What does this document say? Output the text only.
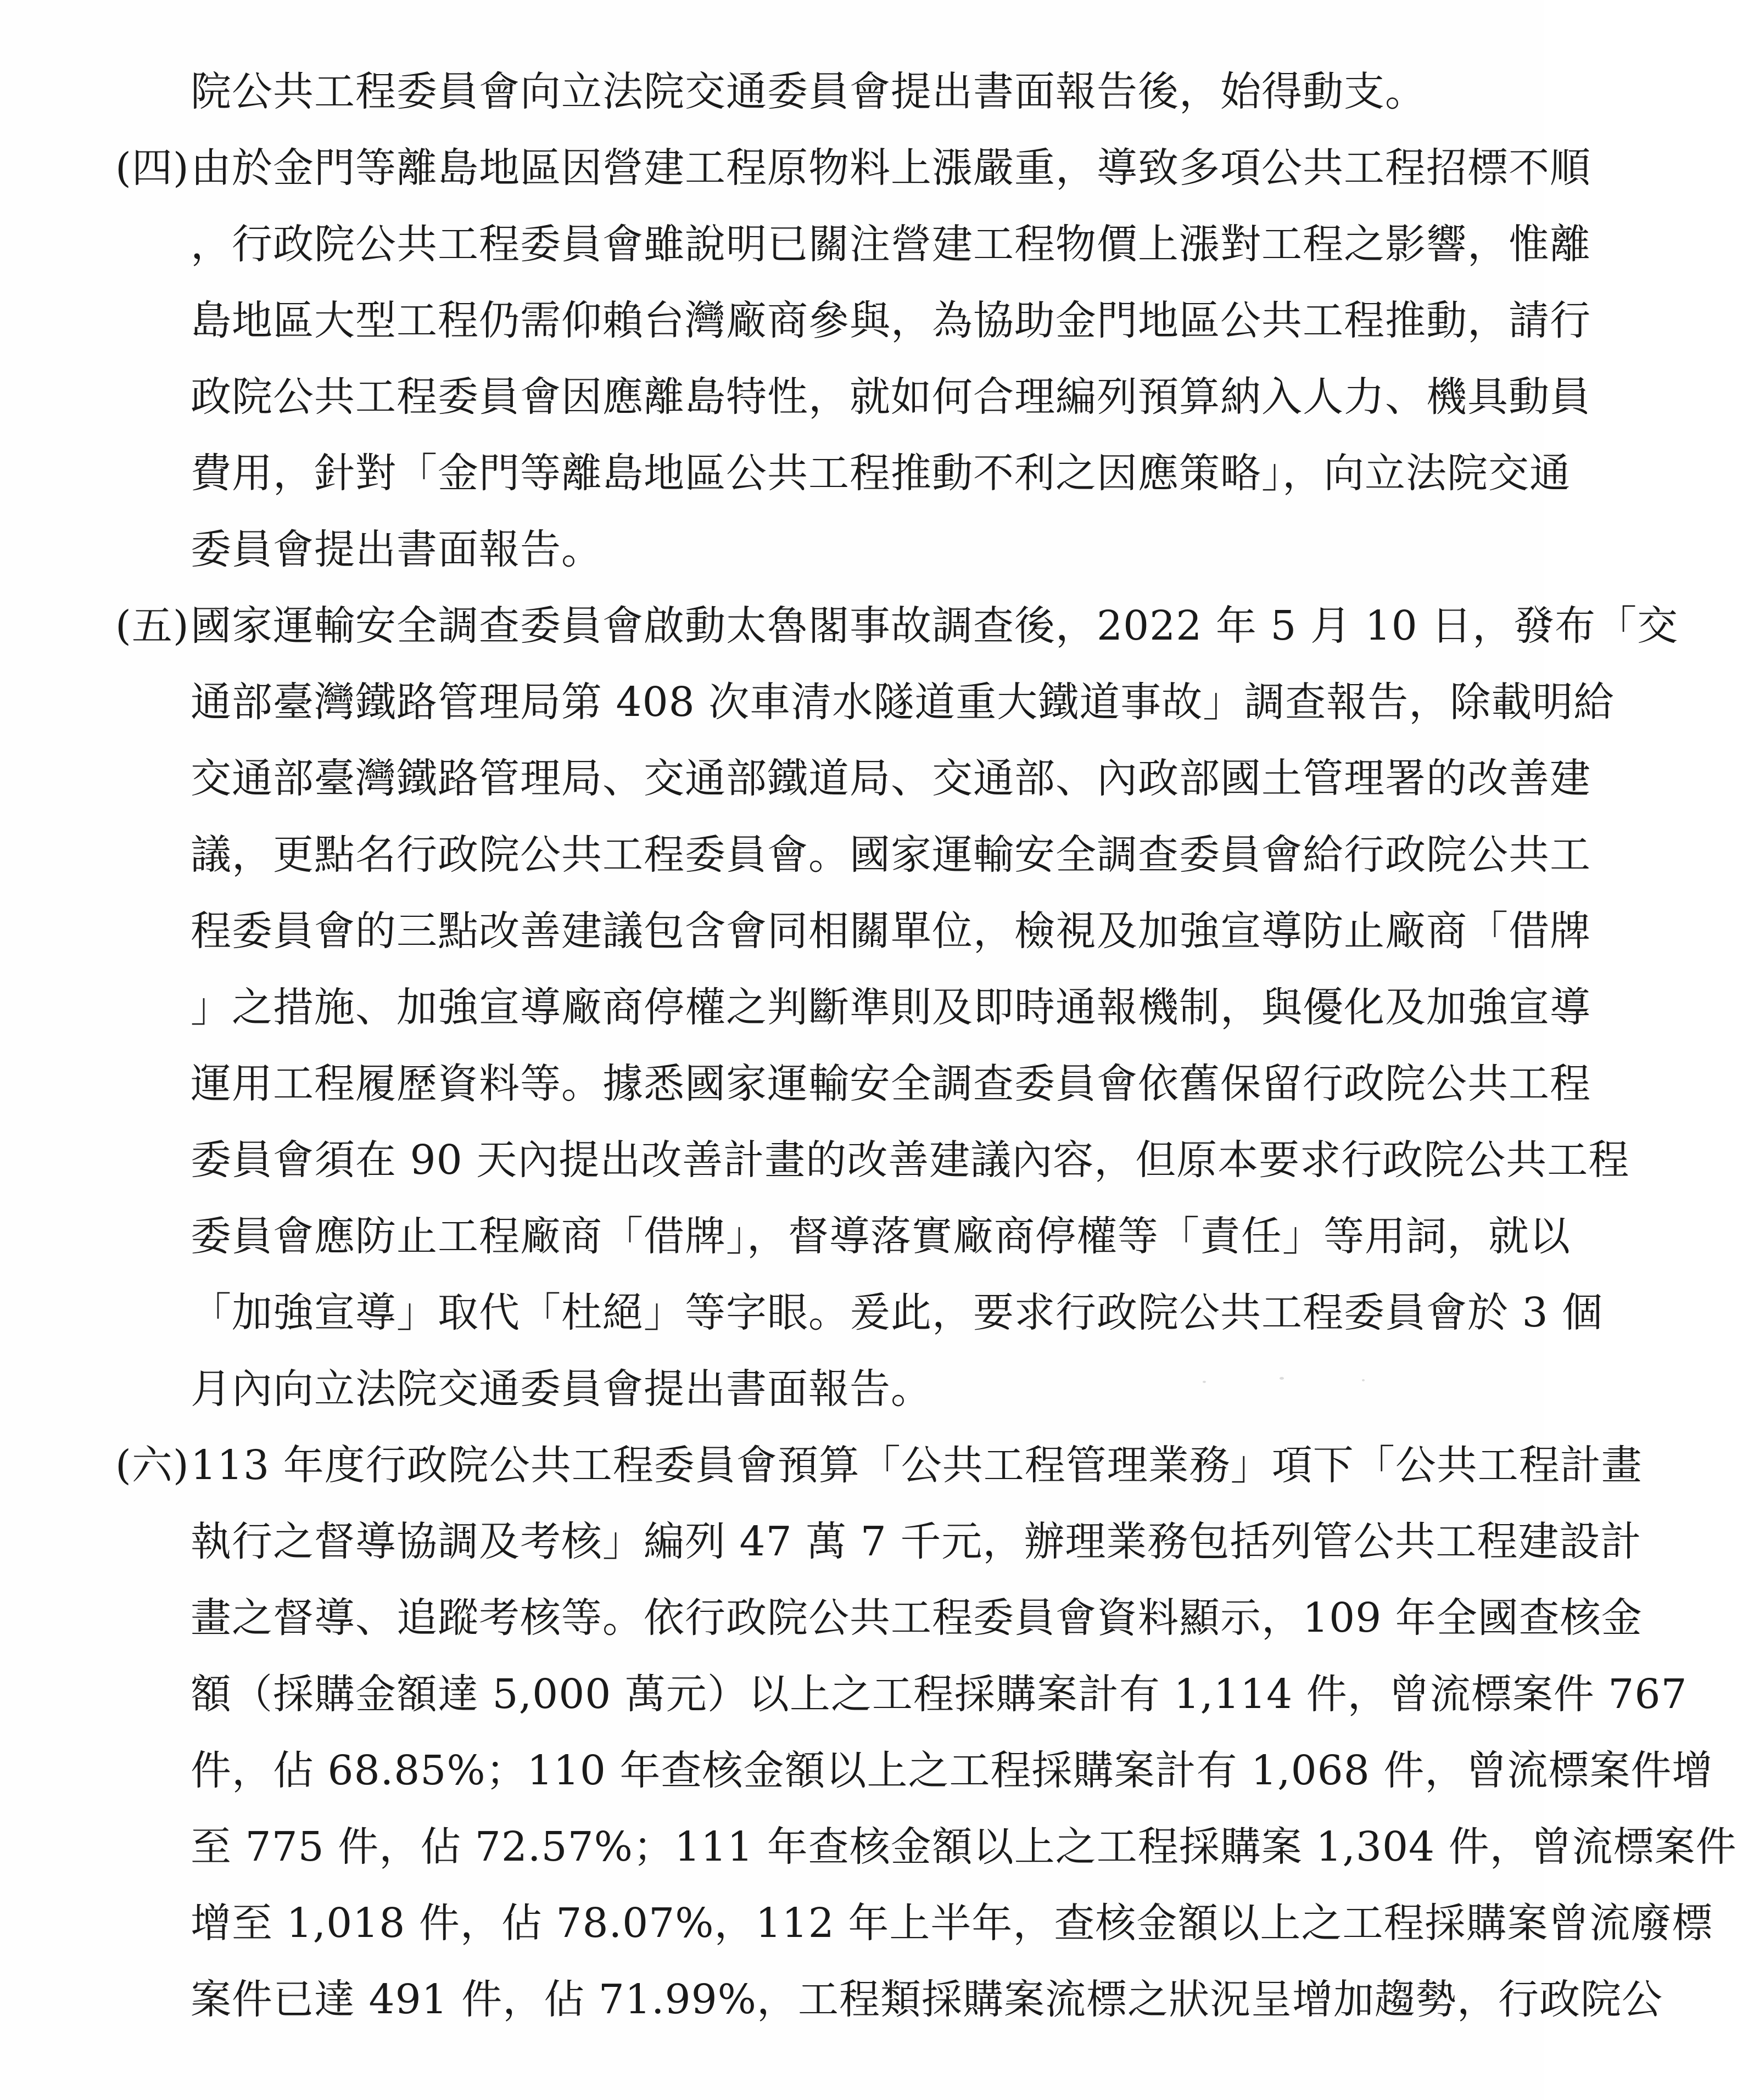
院公共工程委員會向立法院交通委員會提出書面報告後，始得動支。
(四) 由於金門等離島地區因營建工程原物料上漲嚴重，導致多項公共工程招標不順
，行政院公共工程委員會雖說明已關注營建工程物價上漲對工程之影響，惟離
島地區大型工程仍需仰賴台灣廠商參與，為協助金門地區公共工程推動，請行
政院公共工程委員會因應離島特性，就如何合理編列預算納入人力、機具動員
費用，針對「金門等離島地區公共工程推動不利之因應策略」，向立法院交通
委員會提出書面報告。
(五) 國家運輸安全調查委員會啟動太魯閣事故調查後，2022 年 5 月 10 日，發布「交
通部臺灣鐵路管理局第 408 次車清水隧道重大鐵道事故」調查報告，除載明給
交通部臺灣鐵路管理局、交通部鐵道局、交通部、內政部國土管理署的改善建
議，更點名行政院公共工程委員會。國家運輸安全調查委員會給行政院公共工
程委員會的三點改善建議包含會同相關單位，檢視及加強宣導防止廠商「借牌
」之措施、加強宣導廠商停權之判斷準則及即時通報機制，與優化及加強宣導
運用工程履歷資料等。據悉國家運輸安全調查委員會依舊保留行政院公共工程
委員會須在 90 天內提出改善計畫的改善建議內容，但原本要求行政院公共工程
委員會應防止工程廠商「借牌」，督導落實廠商停權等「責任」等用詞，就以
「加強宣導」取代「杜絕」等字眼。爰此，要求行政院公共工程委員會於 3 個
月內向立法院交通委員會提出書面報告。
(六) 113 年度行政院公共工程委員會預算「公共工程管理業務」項下「公共工程計畫
執行之督導協調及考核」編列 47 萬 7 千元，辦理業務包括列管公共工程建設計
畫之督導、追蹤考核等。依行政院公共工程委員會資料顯示，109 年全國查核金
額（採購金額達 5,000 萬元）以上之工程採購案計有 1,114 件，曾流標案件 767
件，佔 68.85%；110 年查核金額以上之工程採購案計有 1,068 件，曾流標案件增
至 775 件，佔 72.57%；111 年查核金額以上之工程採購案 1,304 件，曾流標案件
增至 1,018 件，佔 78.07%，112 年上半年，查核金額以上之工程採購案曾流廢標
案件已達 491 件，佔 71.99%，工程類採購案流標之狀況呈增加趨勢，行政院公
